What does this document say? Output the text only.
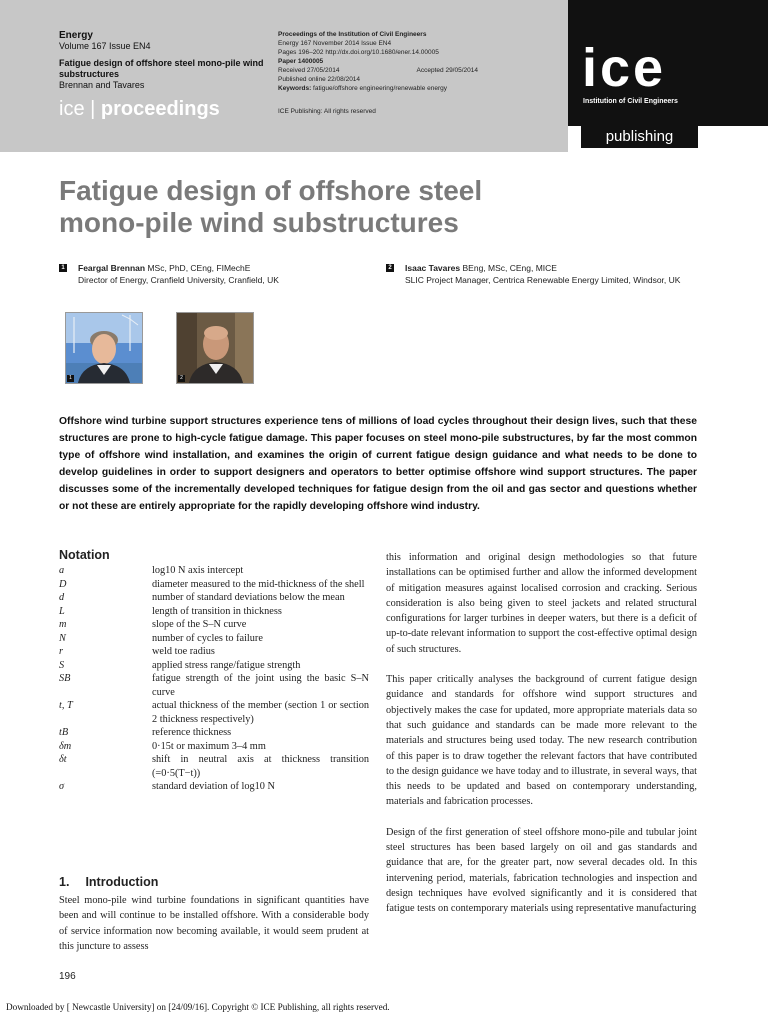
Energy
Volume 167 Issue EN4
Fatigue design of offshore steel mono-pile wind substructures
Brennan and Tavares
ice | proceedings
Proceedings of the Institution of Civil Engineers
Energy 167 November 2014 Issue EN4
Pages 196–202 http://dx.doi.org/10.1680/ener.14.00005
Paper 1400005
Received 27/05/2014	Accepted 29/05/2014
Published online 22/08/2014
Keywords: fatigue/offshore engineering/renewable energy
ICE Publishing: All rights reserved
ice
Institution of Civil Engineers
publishing
Fatigue design of offshore steel mono-pile wind substructures
1 Feargal Brennan MSc, PhD, CEng, FIMechE
Director of Energy, Cranfield University, Cranfield, UK
2 Isaac Tavares BEng, MSc, CEng, MICE
SLIC Project Manager, Centrica Renewable Energy Limited, Windsor, UK
1	2

Offshore wind turbine support structures experience tens of millions of load cycles throughout their design lives, such that these structures are prone to high-cycle fatigue damage. This paper focuses on steel mono-pile substructures, by far the most common type of offshore wind installation, and examines the origin of current fatigue design guidance and what needs to be done to develop guidelines in order to support designers and operators to better optimise offshore wind support structures. The paper discusses some of the incrementally developed techniques for fatigue design from the oil and gas sector and questions whether or not these are entirely appropriate for the rapidly developing offshore wind industry.

Notation
a	log10 N axis intercept
D	diameter measured to the mid-thickness of the shell
d	number of standard deviations below the mean
L	length of transition in thickness
m	slope of the S–N curve
N	number of cycles to failure
r	weld toe radius
S	applied stress range/fatigue strength
SB	fatigue strength of the joint using the basic S–N curve
t, T	actual thickness of the member (section 1 or section 2 thickness respectively)
tB	reference thickness
δm	0·15t or maximum 3–4 mm
δt	shift in neutral axis at thickness transition (=0·5(T−t))
σ	standard deviation of log10 N
1. Introduction

Steel mono-pile wind turbine foundations in significant quantities have been and will continue to be installed offshore. With a considerable body of service information now becoming available, it would seem prudent at this juncture to assess

this information and original design methodologies so that future installations can be optimised further and allow the informed development of mitigation measures against localised corrosion and cracking. Serious consideration is also being given to steel jackets and related structural configurations for larger turbines in deeper waters, but there is a deficit of up-to-date relevant information to support the cost-effective optimal design of such structures.

This paper critically analyses the background of current fatigue design guidance and standards for offshore wind support structures and objectively makes the case for updated, more appropriate materials data so that such guidance and standards can be made more relevant to the materials and structures being used today. The new research contribution of this paper is to draw together the relevant factors that have contributed to the design guidance we have today and to illustrate, in several ways, that this needs to be updated and based on contemporary understanding, materials and fabrication processes.

Design of the first generation of steel offshore mono-pile and tubular joint steel structures has been based largely on oil and gas standards and guidance that are, for the greater part, now several decades old. In this intervening period, materials, fabrication technologies and inspection and design techniques have evolved significantly and it is considered that fatigue tests on contemporary materials using representative manufacturing

196
Downloaded by [ Newcastle University] on [24/09/16]. Copyright © ICE Publishing, all rights reserved.
